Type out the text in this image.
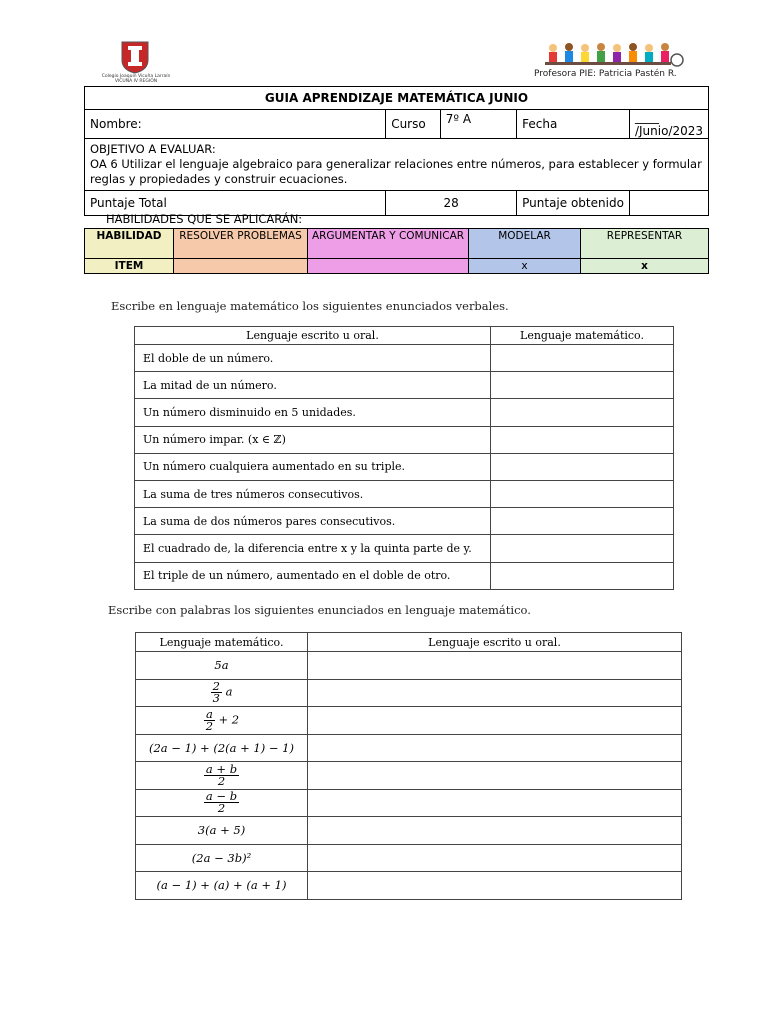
Colegio Joaquín Vicuña Larraín
VICUÑA IV REGIÓN
Profesora PIE: Patricia Pastén R.
GUIA APRENDIZAJE MATEMÁTICA JUNIO				
Nombre:	Curso	7º A	Fecha	____ /Junio/2023

OBJETIVO A EVALUAR:
OA 6 Utilizar el lenguaje algebraico para generalizar relaciones entre números, para establecer y formular reglas y propiedades y construir ecuaciones.				

Puntaje Total	28		Puntaje obtenido	
HABILIDADES QUE SE APLICARÁN:
HABILIDAD	RESOLVER PROBLEMAS	ARGUMENTAR Y COMUNICAR	MODELAR	REPRESENTAR
ITEM			x	x
Escribe en lenguaje matemático los siguientes enunciados verbales.
Lenguaje escrito u oral.	Lenguaje matemático.
El doble de un número.	
La mitad de un número.	
Un número disminuido en 5 unidades.	
Un número impar. (x ∈ ℤ)	
Un número cualquiera aumentado en su triple.	
La suma de tres números consecutivos.	
La suma de dos números pares consecutivos.	
El cuadrado de, la diferencia entre x y la quinta parte de y.	
El triple de un número, aumentado en el doble de otro.	
Escribe con palabras los siguientes enunciados en lenguaje matemático.
Lenguaje matemático.	Lenguaje escrito u oral.
5a	

$\frac{2}{3}$ a	

$\frac{a}{2} + 2$	
(2a − 1) + (2(a + 1) − 1)	

$\frac{a + b}{2}$

$\frac{a - b}{2}$

3(a + 5)	
(2a − 3b)²	
(a − 1) + (a) + (a + 1)	
